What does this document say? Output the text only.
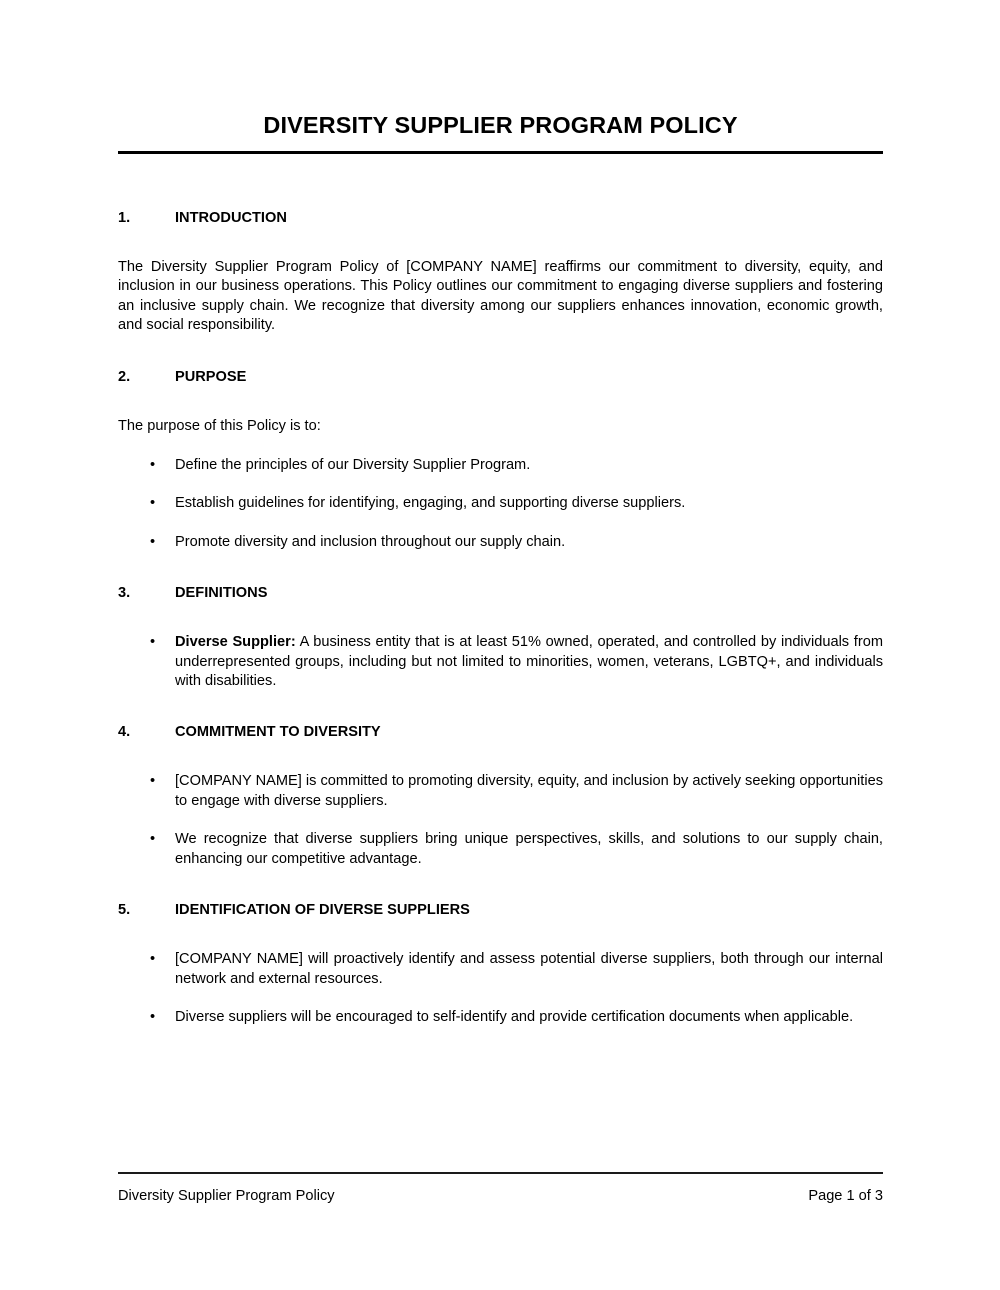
DIVERSITY SUPPLIER PROGRAM POLICY
1.	INTRODUCTION

The Diversity Supplier Program Policy of [COMPANY NAME] reaffirms our commitment to diversity, equity, and inclusion in our business operations. This Policy outlines our commitment to engaging diverse suppliers and fostering an inclusive supply chain. We recognize that diversity among our suppliers enhances innovation, economic growth, and social responsibility.

2.	PURPOSE

The purpose of this Policy is to:

• Define the principles of our Diversity Supplier Program.
• Establish guidelines for identifying, engaging, and supporting diverse suppliers.
• Promote diversity and inclusion throughout our supply chain.
3.	DEFINITIONS
• Diverse Supplier: A business entity that is at least 51% owned, operated, and controlled by individuals from underrepresented groups, including but not limited to minorities, women, veterans, LGBTQ+, and individuals with disabilities.
4.	COMMITMENT TO DIVERSITY
• [COMPANY NAME] is committed to promoting diversity, equity, and inclusion by actively seeking opportunities to engage with diverse suppliers.
• We recognize that diverse suppliers bring unique perspectives, skills, and solutions to our supply chain, enhancing our competitive advantage.
5.	IDENTIFICATION OF DIVERSE SUPPLIERS
• [COMPANY NAME] will proactively identify and assess potential diverse suppliers, both through our internal network and external resources.
• Diverse suppliers will be encouraged to self-identify and provide certification documents when applicable.
Diversity Supplier Program Policy	Page 1 of 3
